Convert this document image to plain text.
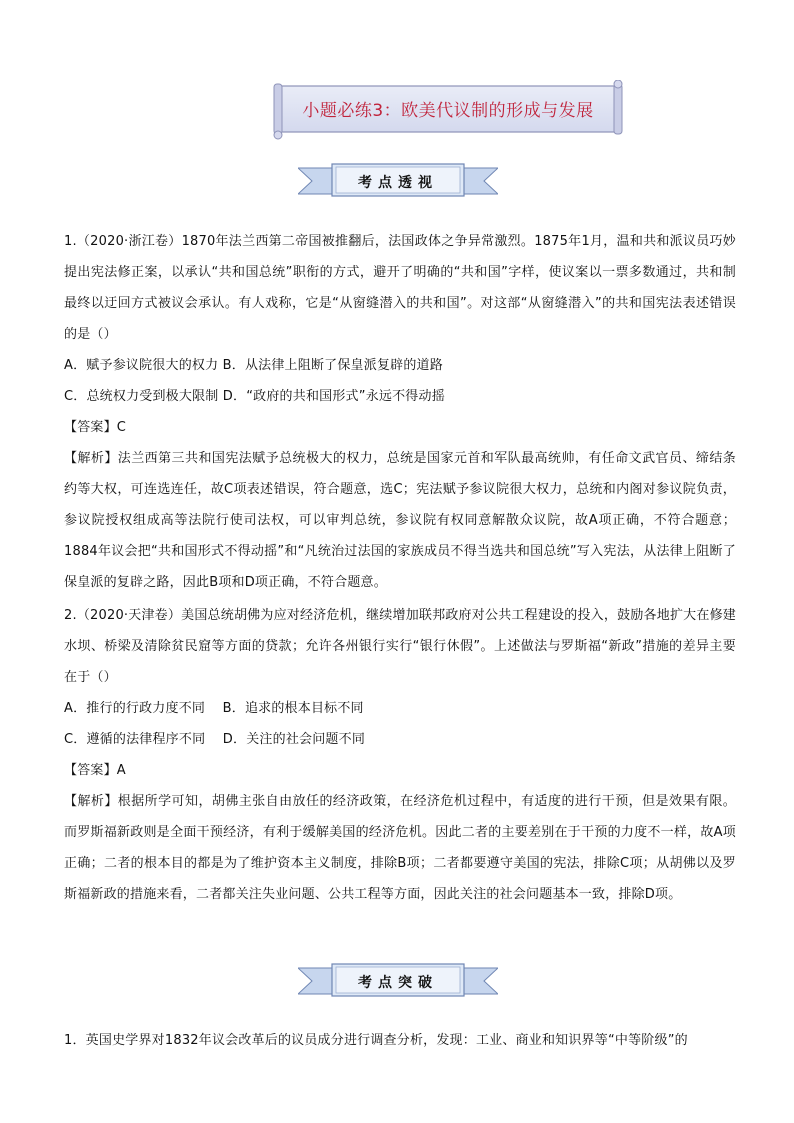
小题必练3：欧美代议制的形成与发展
考点透视

1.（2020·浙江卷）1870年法兰西第二帝国被推翻后，法国政体之争异常激烈。1875年1月，温和共和派议员巧妙提出宪法修正案，以承认“共和国总统”职衔的方式，避开了明确的“共和国”字样，使议案以一票多数通过，共和制最终以迂回方式被议会承认。有人戏称，它是“从窗缝潜入的共和国”。对这部“从窗缝潜入”的共和国宪法表述错误的是（）

A．赋予参议院很大的权力 B．从法律上阻断了保皇派复辟的道路

C．总统权力受到极大限制 D．“政府的共和国形式”永远不得动摇

【答案】C

【解析】法兰西第三共和国宪法赋予总统极大的权力，总统是国家元首和军队最高统帅，有任命文武官员、缔结条约等大权，可连选连任，故C项表述错误，符合题意，选C；宪法赋予参议院很大权力，总统和内阁对参议院负责，参议院授权组成高等法院行使司法权，可以审判总统，参议院有权同意解散众议院，故A项正确，不符合题意；1884年议会把“共和国形式不得动摇”和“凡统治过法国的家族成员不得当选共和国总统”写入宪法，从法律上阻断了保皇派的复辟之路，因此B项和D项正确，不符合题意。

2.（2020·天津卷）美国总统胡佛为应对经济危机，继续增加联邦政府对公共工程建设的投入，鼓励各地扩大在修建水坝、桥梁及清除贫民窟等方面的贷款；允许各州银行实行“银行休假”。上述做法与罗斯福“新政”措施的差异主要在于（）

A．推行的行政力度不同　 B．追求的根本目标不同

C．遵循的法律程序不同　 D．关注的社会问题不同

【答案】A

【解析】根据所学可知，胡佛主张自由放任的经济政策，在经济危机过程中，有适度的进行干预，但是效果有限。而罗斯福新政则是全面干预经济，有利于缓解美国的经济危机。因此二者的主要差别在于干预的力度不一样，故A项正确；二者的根本目的都是为了维护资本主义制度，排除B项；二者都要遵守美国的宪法，排除C项；从胡佛以及罗斯福新政的措施来看，二者都关注失业问题、公共工程等方面，因此关注的社会问题基本一致，排除D项。

考点突破

1．英国史学界对1832年议会改革后的议员成分进行调查分析，发现：工业、商业和知识界等“中等阶级”的
